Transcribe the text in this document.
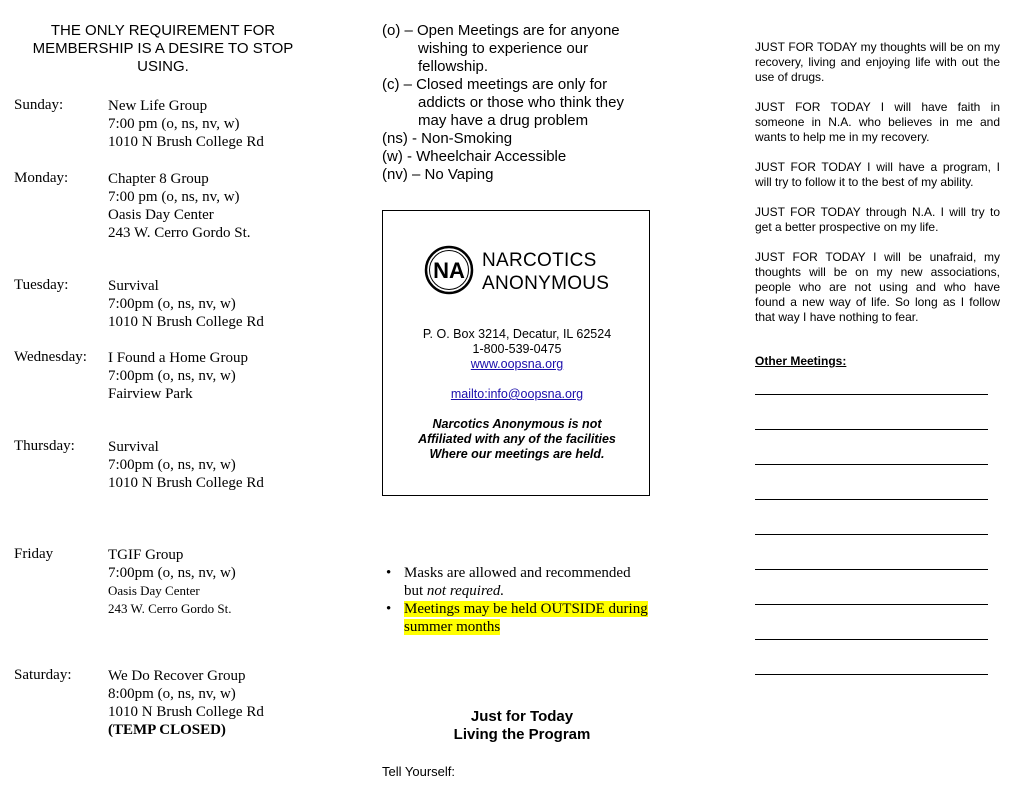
THE ONLY REQUIREMENT FOR MEMBERSHIP IS A DESIRE TO STOP USING.
Sunday:	New Life Group
7:00 pm (o, ns, nv, w)
1010 N Brush College Rd
Monday:	Chapter 8 Group
7:00 pm (o, ns, nv, w)
Oasis Day Center
243 W. Cerro Gordo St.
Tuesday:	Survival
7:00pm (o, ns, nv, w)
1010 N Brush College Rd
Wednesday: I Found a Home Group
7:00pm (o, ns, nv, w)
Fairview Park
Thursday: Survival
7:00pm (o, ns, nv, w)
1010 N Brush College Rd
Friday	TGIF Group
7:00pm (o, ns, nv, w)
Oasis Day Center
243 W. Cerro Gordo St.
Saturday: We Do Recover Group
8:00pm (o, ns, nv, w)
1010 N Brush College Rd
(TEMP CLOSED)
(o) – Open Meetings are for anyone
wishing to experience our
fellowship.
(c) – Closed meetings are only for
addicts or those who think they
may have a drug problem
(ns) - Non-Smoking
(w) - Wheelchair Accessible
(nv) – No Vaping
NA NARCOTICS
ANONYMOUS
P. O. Box 3214, Decatur, IL 62524
1-800-539-0475
www.oopsna.org
mailto:info@oopsna.org
Narcotics Anonymous is not
Affiliated with any of the facilities
Where our meetings are held.
• Masks are allowed and recommended
but not required.
• Meetings may be held OUTSIDE during
summer months
Just for Today
Living the Program
Tell Yourself:
JUST FOR TODAY my thoughts will be on my recovery, living and enjoying life with out the use of drugs.
JUST FOR TODAY I will have faith in someone in N.A. who believes in me and wants to help me in my recovery.
JUST FOR TODAY I will have a program, I will try to follow it to the best of my ability.
JUST FOR TODAY through N.A. I will try to get a better prospective on my life.
JUST FOR TODAY I will be unafraid, my thoughts will be on my new associations, people who are not using and who have found a new way of life. So long as I follow that way I have nothing to fear.
Other Meetings:
